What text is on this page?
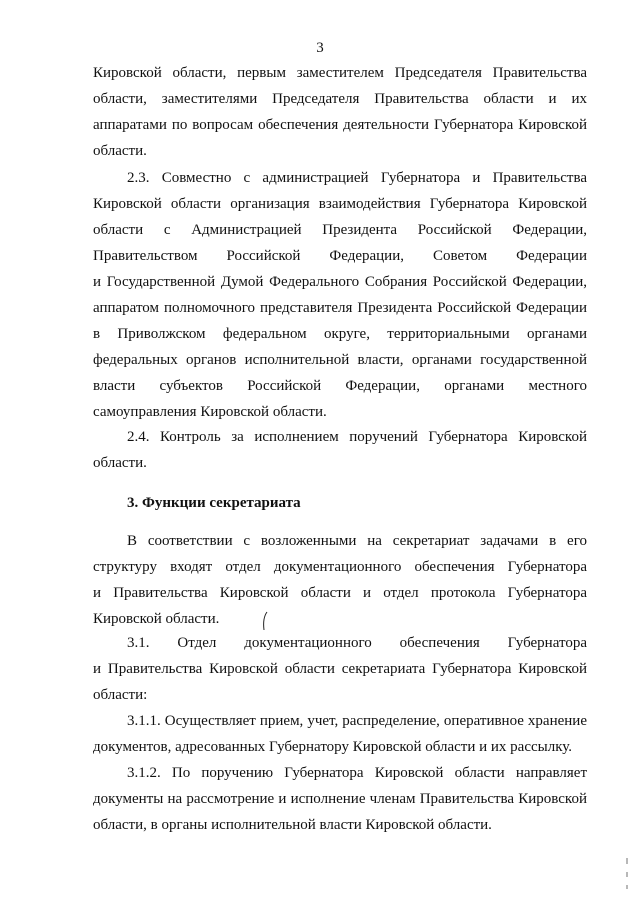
3
Кировской области, первым заместителем Председателя Правительства
области, заместителями Председателя Правительства области и их
аппаратами по вопросам обеспечения деятельности Губернатора Кировской
области.
2.3. Совместно с администрацией Губернатора и Правительства
Кировской области организация взаимодействия Губернатора Кировской
области с Администрацией Президента Российской Федерации,
Правительством Российской Федерации, Советом Федерации
и Государственной Думой Федерального Собрания Российской Федерации,
аппаратом полномочного представителя Президента Российской Федерации
в Приволжском федеральном округе, территориальными органами
федеральных органов исполнительной власти, органами государственной
власти субъектов Российской Федерации, органами местного
самоуправления Кировской области.
2.4. Контроль за исполнением поручений Губернатора Кировской
области.
3. Функции секретариата
В соответствии с возложенными на секретариат задачами в его
структуру входят отдел документационного обеспечения Губернатора
и Правительства Кировской области и отдел протокола Губернатора
Кировской области.
3.1. Отдел документационного обеспечения Губернатора
и Правительства Кировской области секретариата Губернатора Кировской
области:
3.1.1. Осуществляет прием, учет, распределение, оперативное хранение
документов, адресованных Губернатору Кировской области и их рассылку.
3.1.2. По поручению Губернатора Кировской области направляет
документы на рассмотрение и исполнение членам Правительства Кировской
области, в органы исполнительной власти Кировской области.
